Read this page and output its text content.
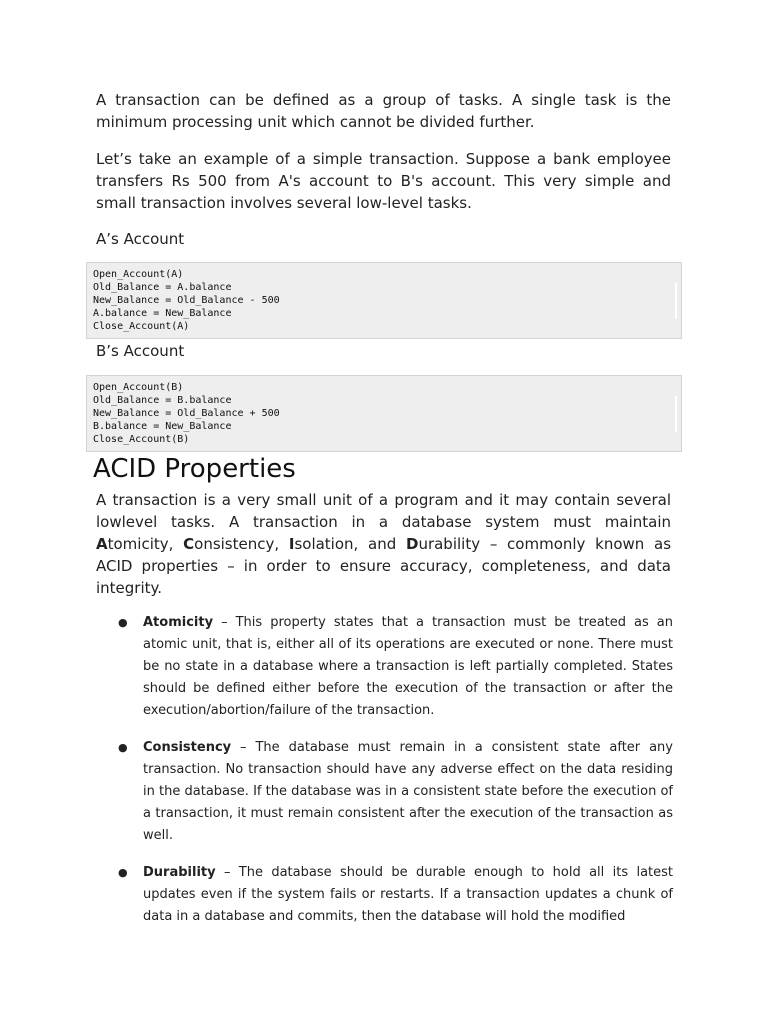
A transaction can be defined as a group of tasks. A single task is the minimum processing unit which cannot be divided further.

Let’s take an example of a simple transaction. Suppose a bank employee transfers Rs 500 from A's account to B's account. This very simple and small transaction involves several low-level tasks.

A’s Account
Open_Account(A)
Old_Balance = A.balance
New_Balance = Old_Balance - 500
A.balance = New_Balance
Close_Account(A)
B’s Account
Open_Account(B)
Old_Balance = B.balance
New_Balance = Old_Balance + 500
B.balance = New_Balance
Close_Account(B)
ACID Properties

A transaction is a very small unit of a program and it may contain several lowlevel tasks. A transaction in a database system must maintain Atomicity, Consistency, Isolation, and Durability – commonly known as ACID properties – in order to ensure accuracy, completeness, and data integrity.

● Atomicity – This property states that a transaction must be treated as an atomic unit, that is, either all of its operations are executed or none. There must be no state in a database where a transaction is left partially completed. States should be defined either before the execution of the transaction or after the execution/abortion/failure of the transaction.
● Consistency – The database must remain in a consistent state after any transaction. No transaction should have any adverse effect on the data residing in the database. If the database was in a consistent state before the execution of a transaction, it must remain consistent after the execution of the transaction as well.
● Durability – The database should be durable enough to hold all its latest updates even if the system fails or restarts. If a transaction updates a chunk of data in a database and commits, then the database will hold the modified
